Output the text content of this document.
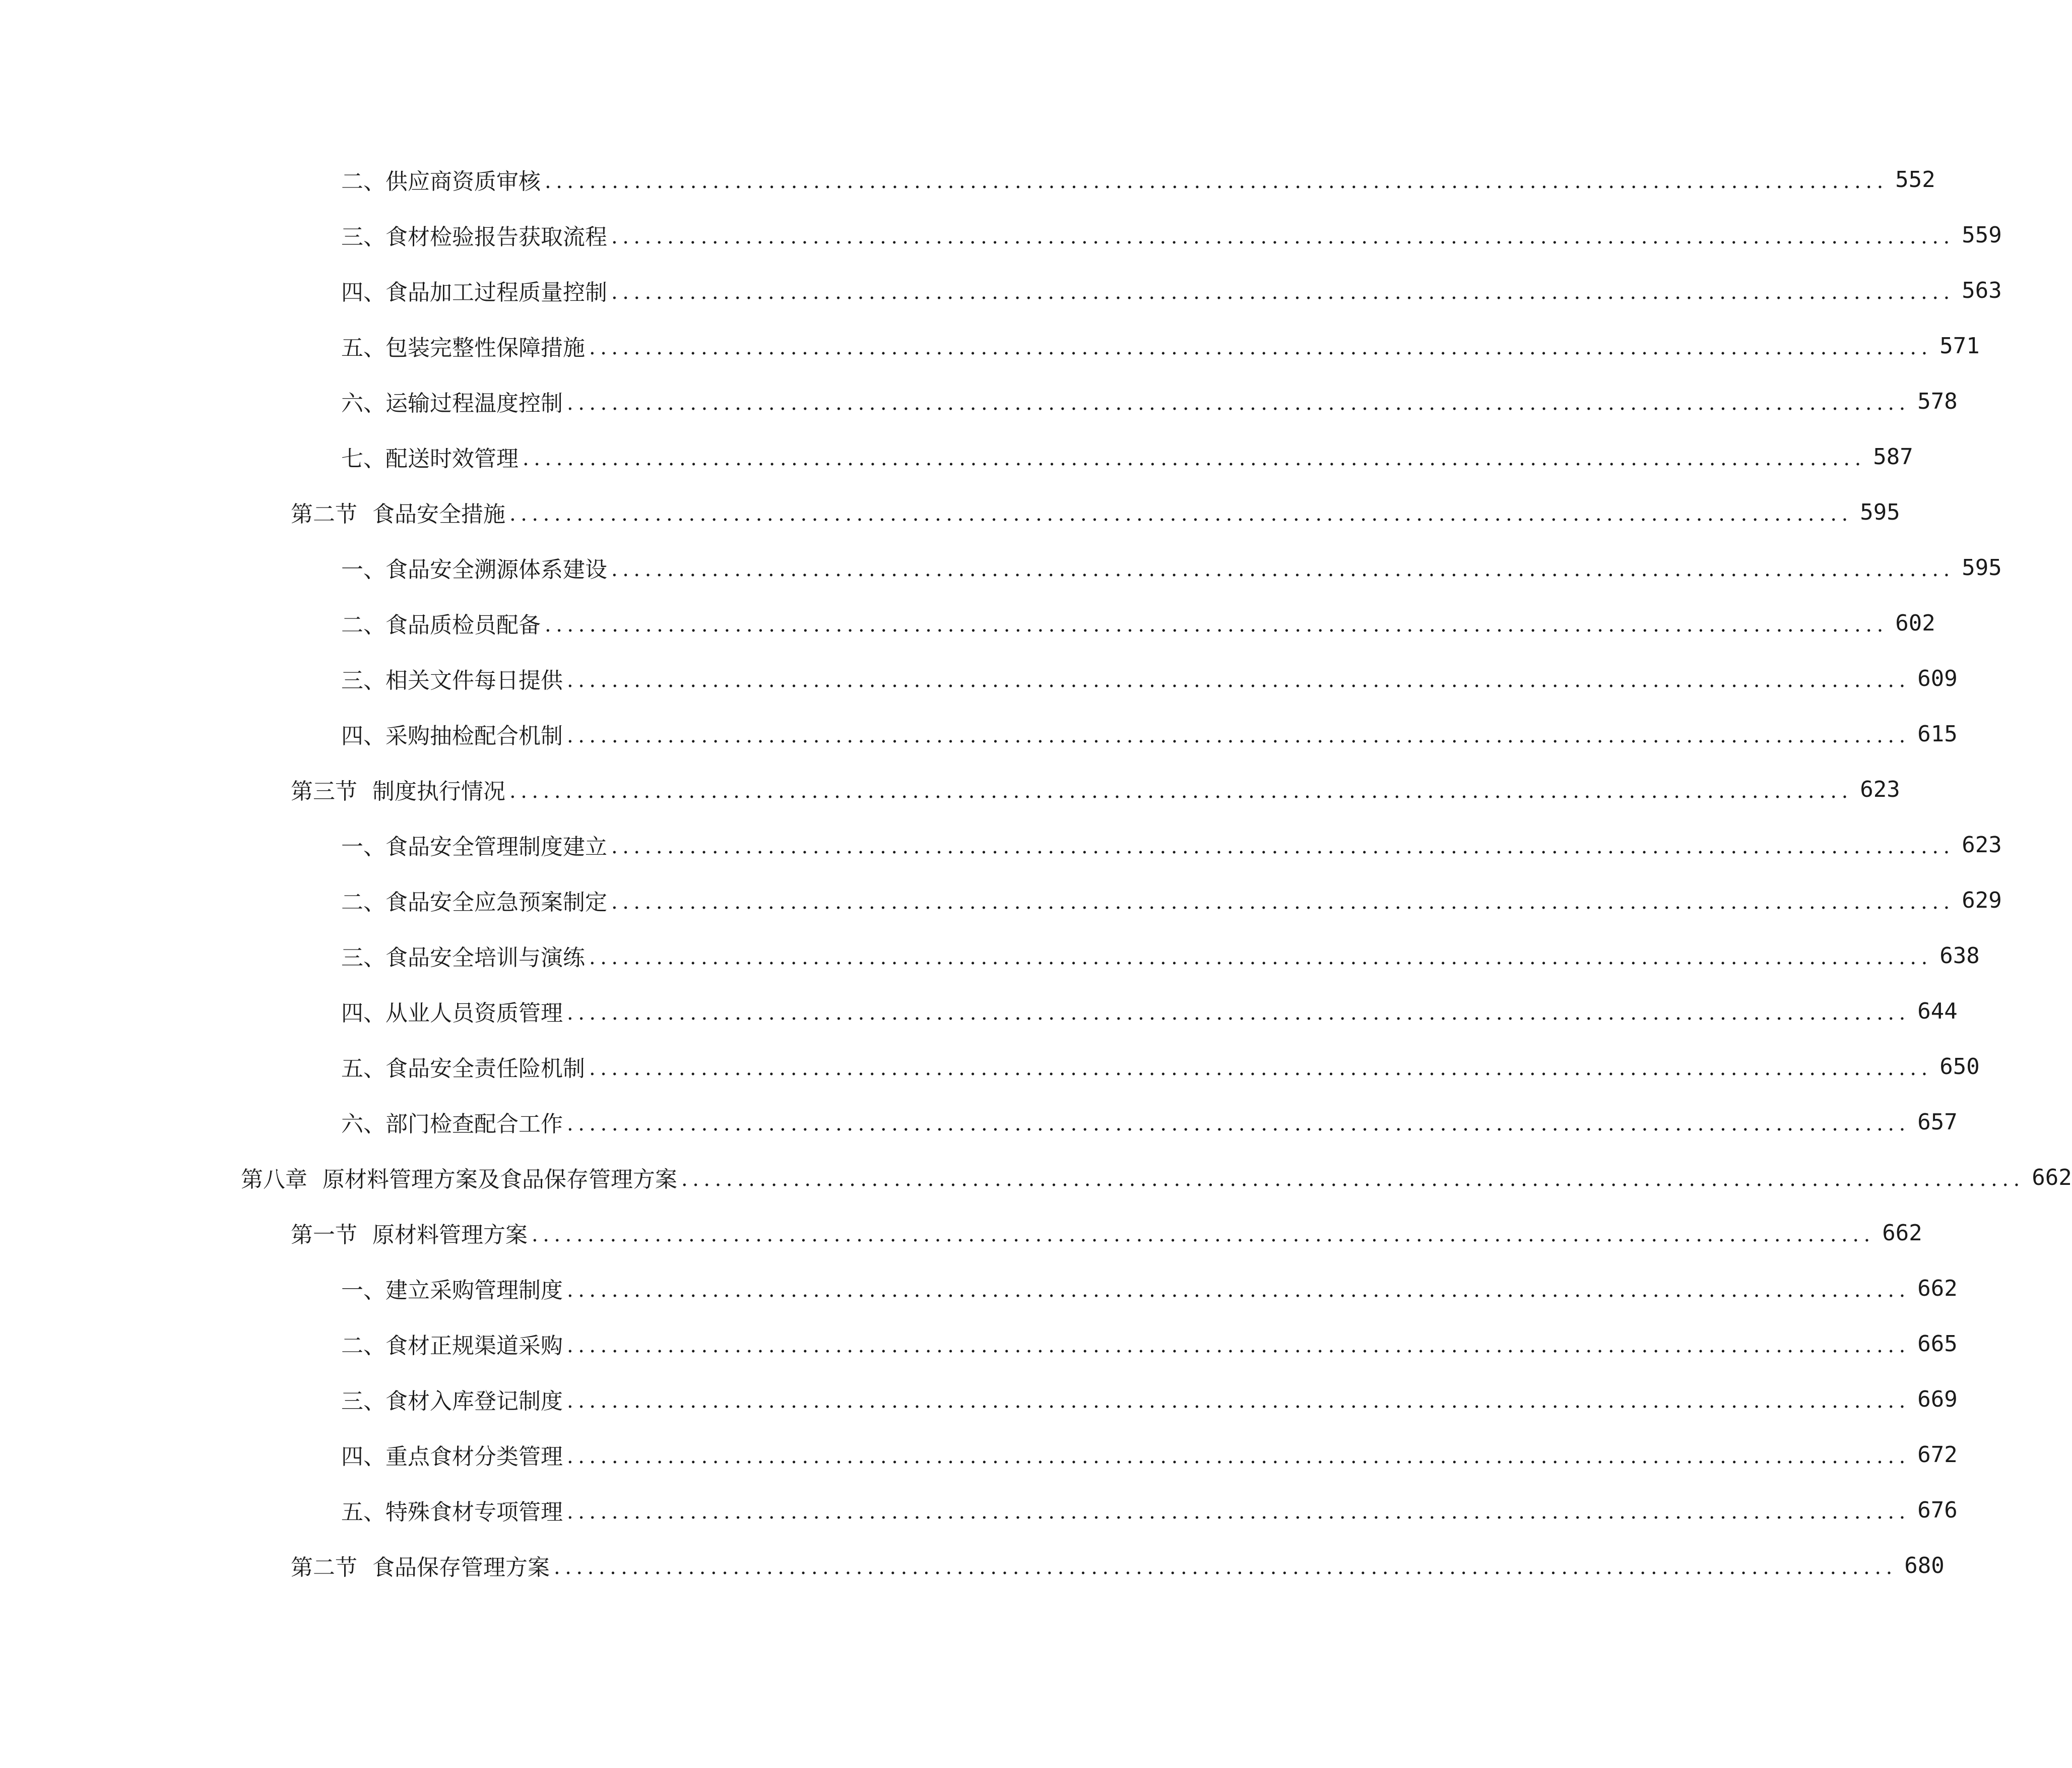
二、 供应商资质审核 ........................................................................................................................ 552
三、 食材检验报告获取流程 ........................................................................................................................ 559
四、 食品加工过程质量控制 ........................................................................................................................ 563
五、 包装完整性保障措施 ........................................................................................................................ 571
六、 运输过程温度控制 ........................................................................................................................ 578
七、 配送时效管理 ........................................................................................................................ 587
第二节 食品安全措施 ........................................................................................................................ 595
一、 食品安全溯源体系建设 ........................................................................................................................ 595
二、 食品质检员配备 ........................................................................................................................ 602
三、 相关文件每日提供 ........................................................................................................................ 609
四、 采购抽检配合机制 ........................................................................................................................ 615
第三节 制度执行情况 ........................................................................................................................ 623
一、 食品安全管理制度建立 ........................................................................................................................ 623
二、 食品安全应急预案制定 ........................................................................................................................ 629
三、 食品安全培训与演练 ........................................................................................................................ 638
四、 从业人员资质管理 ........................................................................................................................ 644
五、 食品安全责任险机制 ........................................................................................................................ 650
六、 部门检查配合工作 ........................................................................................................................ 657
第八章 原材料管理方案及食品保存管理方案 ........................................................................................................................ 662
第一节 原材料管理方案 ........................................................................................................................ 662
一、 建立采购管理制度 ........................................................................................................................ 662
二、 食材正规渠道采购 ........................................................................................................................ 665
三、 食材入库登记制度 ........................................................................................................................ 669
四、 重点食材分类管理 ........................................................................................................................ 672
五、 特殊食材专项管理 ........................................................................................................................ 676
第二节 食品保存管理方案 ........................................................................................................................ 680
